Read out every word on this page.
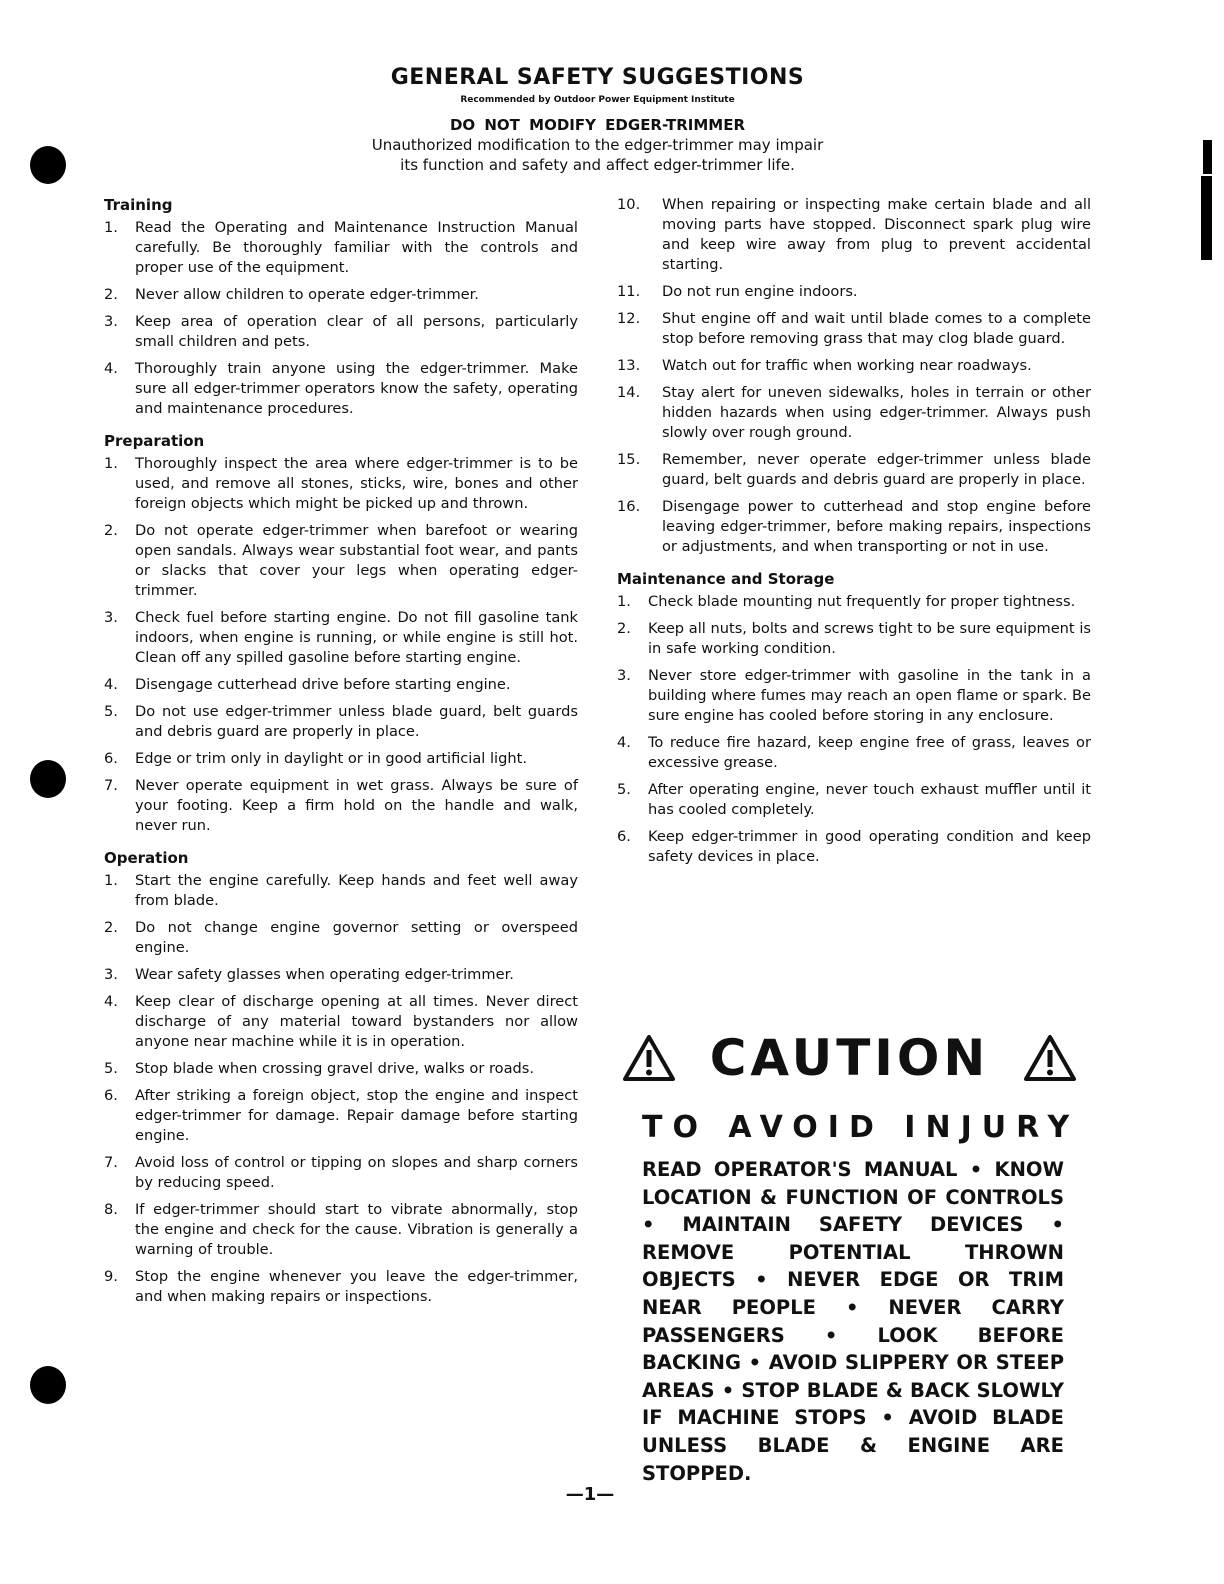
GENERAL SAFETY SUGGESTIONS

Recommended by Outdoor Power Equipment Institute

DO NOT MODIFY EDGER-TRIMMER

Unauthorized modification to the edger-trimmer may impair

its function and safety and affect edger-trimmer life.

Training
1. Read the Operating and Maintenance Instruction Manual carefully. Be thoroughly familiar with the controls and proper use of the equipment.
2. Never allow children to operate edger-trimmer.
3. Keep area of operation clear of all persons, particularly small children and pets.
4. Thoroughly train anyone using the edger-trimmer. Make sure all edger-trimmer operators know the safety, operating and maintenance procedures.
Preparation
1. Thoroughly inspect the area where edger-trimmer is to be used, and remove all stones, sticks, wire, bones and other foreign objects which might be picked up and thrown.
2. Do not operate edger-trimmer when barefoot or wearing open sandals. Always wear substantial foot wear, and pants or slacks that cover your legs when operating edger-trimmer.
3. Check fuel before starting engine. Do not fill gasoline tank indoors, when engine is running, or while engine is still hot. Clean off any spilled gasoline before starting engine.
4. Disengage cutterhead drive before starting engine.
5. Do not use edger-trimmer unless blade guard, belt guards and debris guard are properly in place.
6. Edge or trim only in daylight or in good artificial light.
7. Never operate equipment in wet grass. Always be sure of your footing. Keep a firm hold on the handle and walk, never run.
Operation
1. Start the engine carefully. Keep hands and feet well away from blade.
2. Do not change engine governor setting or overspeed engine.
3. Wear safety glasses when operating edger-trimmer.
4. Keep clear of discharge opening at all times. Never direct discharge of any material toward bystanders nor allow anyone near machine while it is in operation.
5. Stop blade when crossing gravel drive, walks or roads.
6. After striking a foreign object, stop the engine and inspect edger-trimmer for damage. Repair damage before starting engine.
7. Avoid loss of control or tipping on slopes and sharp corners by reducing speed.
8. If edger-trimmer should start to vibrate abnormally, stop the engine and check for the cause. Vibration is generally a warning of trouble.
9. Stop the engine whenever you leave the edger-trimmer, and when making repairs or inspections.
10. When repairing or inspecting make certain blade and all moving parts have stopped. Disconnect spark plug wire and keep wire away from plug to prevent accidental starting.
11. Do not run engine indoors.
12. Shut engine off and wait until blade comes to a complete stop before removing grass that may clog blade guard.
13. Watch out for traffic when working near roadways.
14. Stay alert for uneven sidewalks, holes in terrain or other hidden hazards when using edger-trimmer. Always push slowly over rough ground.
15. Remember, never operate edger-trimmer unless blade guard, belt guards and debris guard are properly in place.
16. Disengage power to cutterhead and stop engine before leaving edger-trimmer, before making repairs, inspections or adjustments, and when transporting or not in use.
Maintenance and Storage
1. Check blade mounting nut frequently for proper tightness.
2. Keep all nuts, bolts and screws tight to be sure equipment is in safe working condition.
3. Never store edger-trimmer with gasoline in the tank in a building where fumes may reach an open flame or spark. Be sure engine has cooled before storing in any enclosure.
4. To reduce fire hazard, keep engine free of grass, leaves or excessive grease.
5. After operating engine, never touch exhaust muffler until it has cooled completely.
6. Keep edger-trimmer in good operating condition and keep safety devices in place.
CAUTION
TO AVOID INJURY
READ OPERATOR'S MANUAL • KNOW LOCATION & FUNCTION OF CONTROLS • MAINTAIN SAFETY DEVICES • REMOVE POTENTIAL THROWN OBJECTS • NEVER EDGE OR TRIM NEAR PEOPLE • NEVER CARRY PASSENGERS • LOOK BEFORE BACKING • AVOID SLIPPERY OR STEEP AREAS • STOP BLADE & BACK SLOWLY IF MACHINE STOPS • AVOID BLADE UNLESS BLADE & ENGINE ARE STOPPED.
—1—
